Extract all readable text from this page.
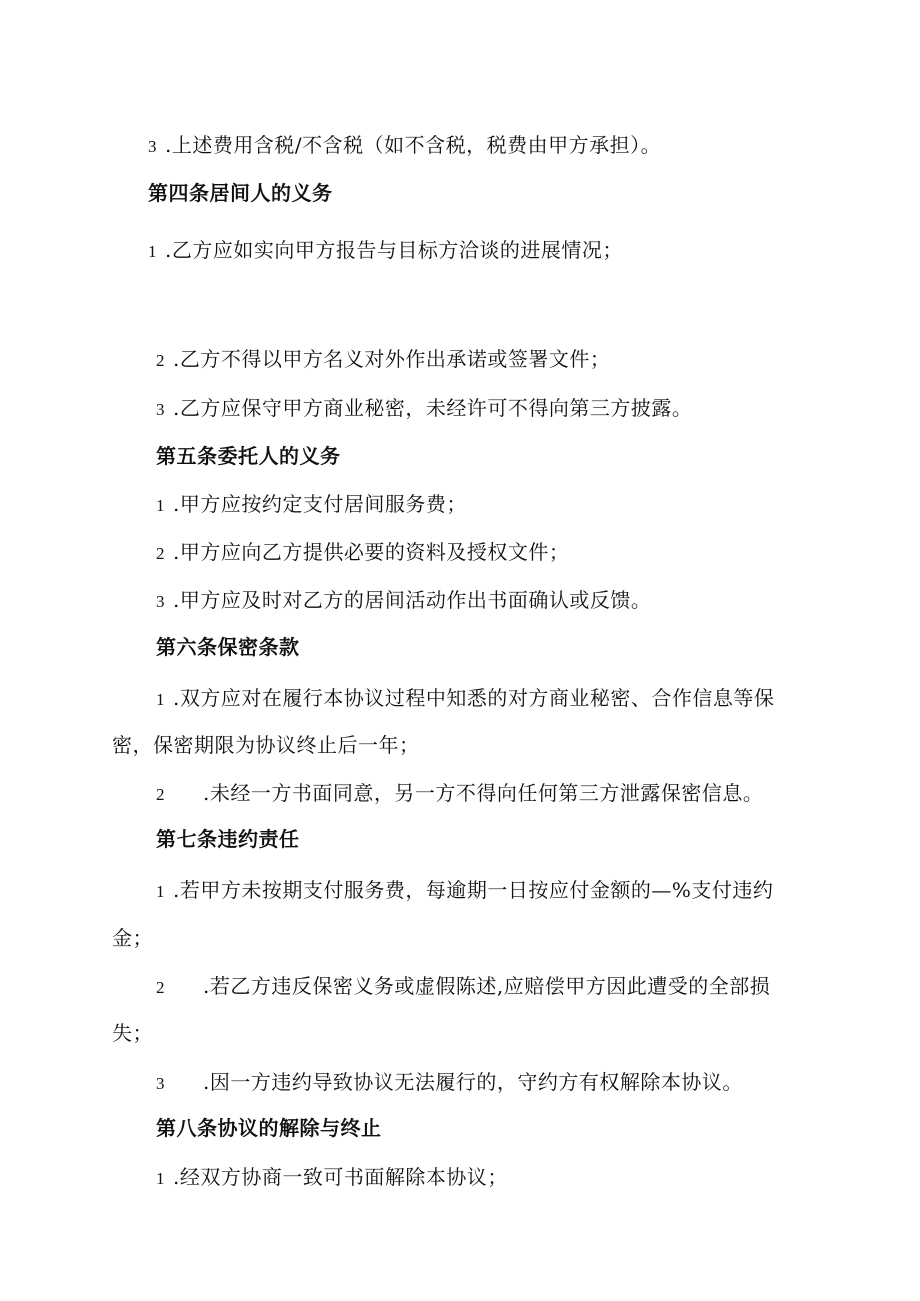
3 .上述费用含税/不含税（如不含税，税费由甲方承担）。
第四条居间人的义务
1 .乙方应如实向甲方报告与目标方洽谈的进展情况；
2 .乙方不得以甲方名义对外作出承诺或签署文件；
3 .乙方应保守甲方商业秘密，未经许可不得向第三方披露。
第五条委托人的义务
1 .甲方应按约定支付居间服务费；
2 .甲方应向乙方提供必要的资料及授权文件；
3 .甲方应及时对乙方的居间活动作出书面确认或反馈。
第六条保密条款
1 .双方应对在履行本协议过程中知悉的对方商业秘密、合作信息等保
密，保密期限为协议终止后一年；
2 .未经一方书面同意，另一方不得向任何第三方泄露保密信息。
第七条违约责任
1 .若甲方未按期支付服务费，每逾期一日按应付金额的—%支付违约
金；
2 .若乙方违反保密义务或虚假陈述,应赔偿甲方因此遭受的全部损
失；
3 .因一方违约导致协议无法履行的，守约方有权解除本协议。
第八条协议的解除与终止
1 .经双方协商一致可书面解除本协议；
